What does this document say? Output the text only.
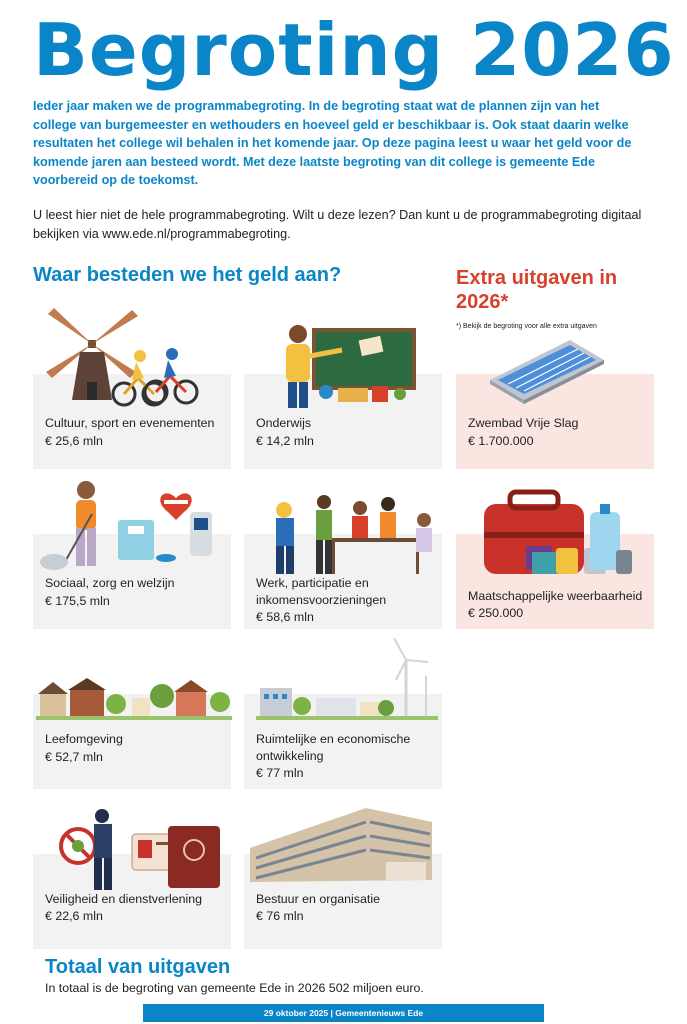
Begroting 2026
Ieder jaar maken we de programmabegroting. In de begroting staat wat de plannen zijn van het college van burgemeester en wethouders en hoeveel geld er beschikbaar is. Ook staat daarin welke resultaten het college wil behalen in het komende jaar. Op deze pagina leest u waar het geld voor de komende jaren aan besteed wordt. Met deze laatste begroting van dit college is gemeente Ede voorbereid op de toekomst.
U leest hier niet de hele programmabegroting. Wilt u deze lezen? Dan kunt u de programmabegroting digitaal bekijken via www.ede.nl/programmabegroting.
Waar besteden we het geld aan?	Extra uitgaven in 2026*
*) Bekijk de begroting voor alle extra uitgaven
Cultuur, sport en evenementen
€ 25,6 mln
Onderwijs
€ 14,2 mln
Zwembad Vrije Slag
€ 1.700.000
Sociaal, zorg en welzijn
€ 175,5 mln
Werk, participatie en inkomensvoorzieningen
€ 58,6 mln
Maatschappelijke weerbaarheid
€ 250.000
Leefomgeving
€ 52,7 mln
Ruimtelijke en economische ontwikkeling
€ 77 mln
Veiligheid en dienstverlening
€ 22,6 mln
Bestuur en organisatie
€ 76 mln
Totaal van uitgaven
In totaal is de begroting van gemeente Ede in 2026 502 miljoen euro.
29 oktober 2025 | Gemeentenieuws Ede
